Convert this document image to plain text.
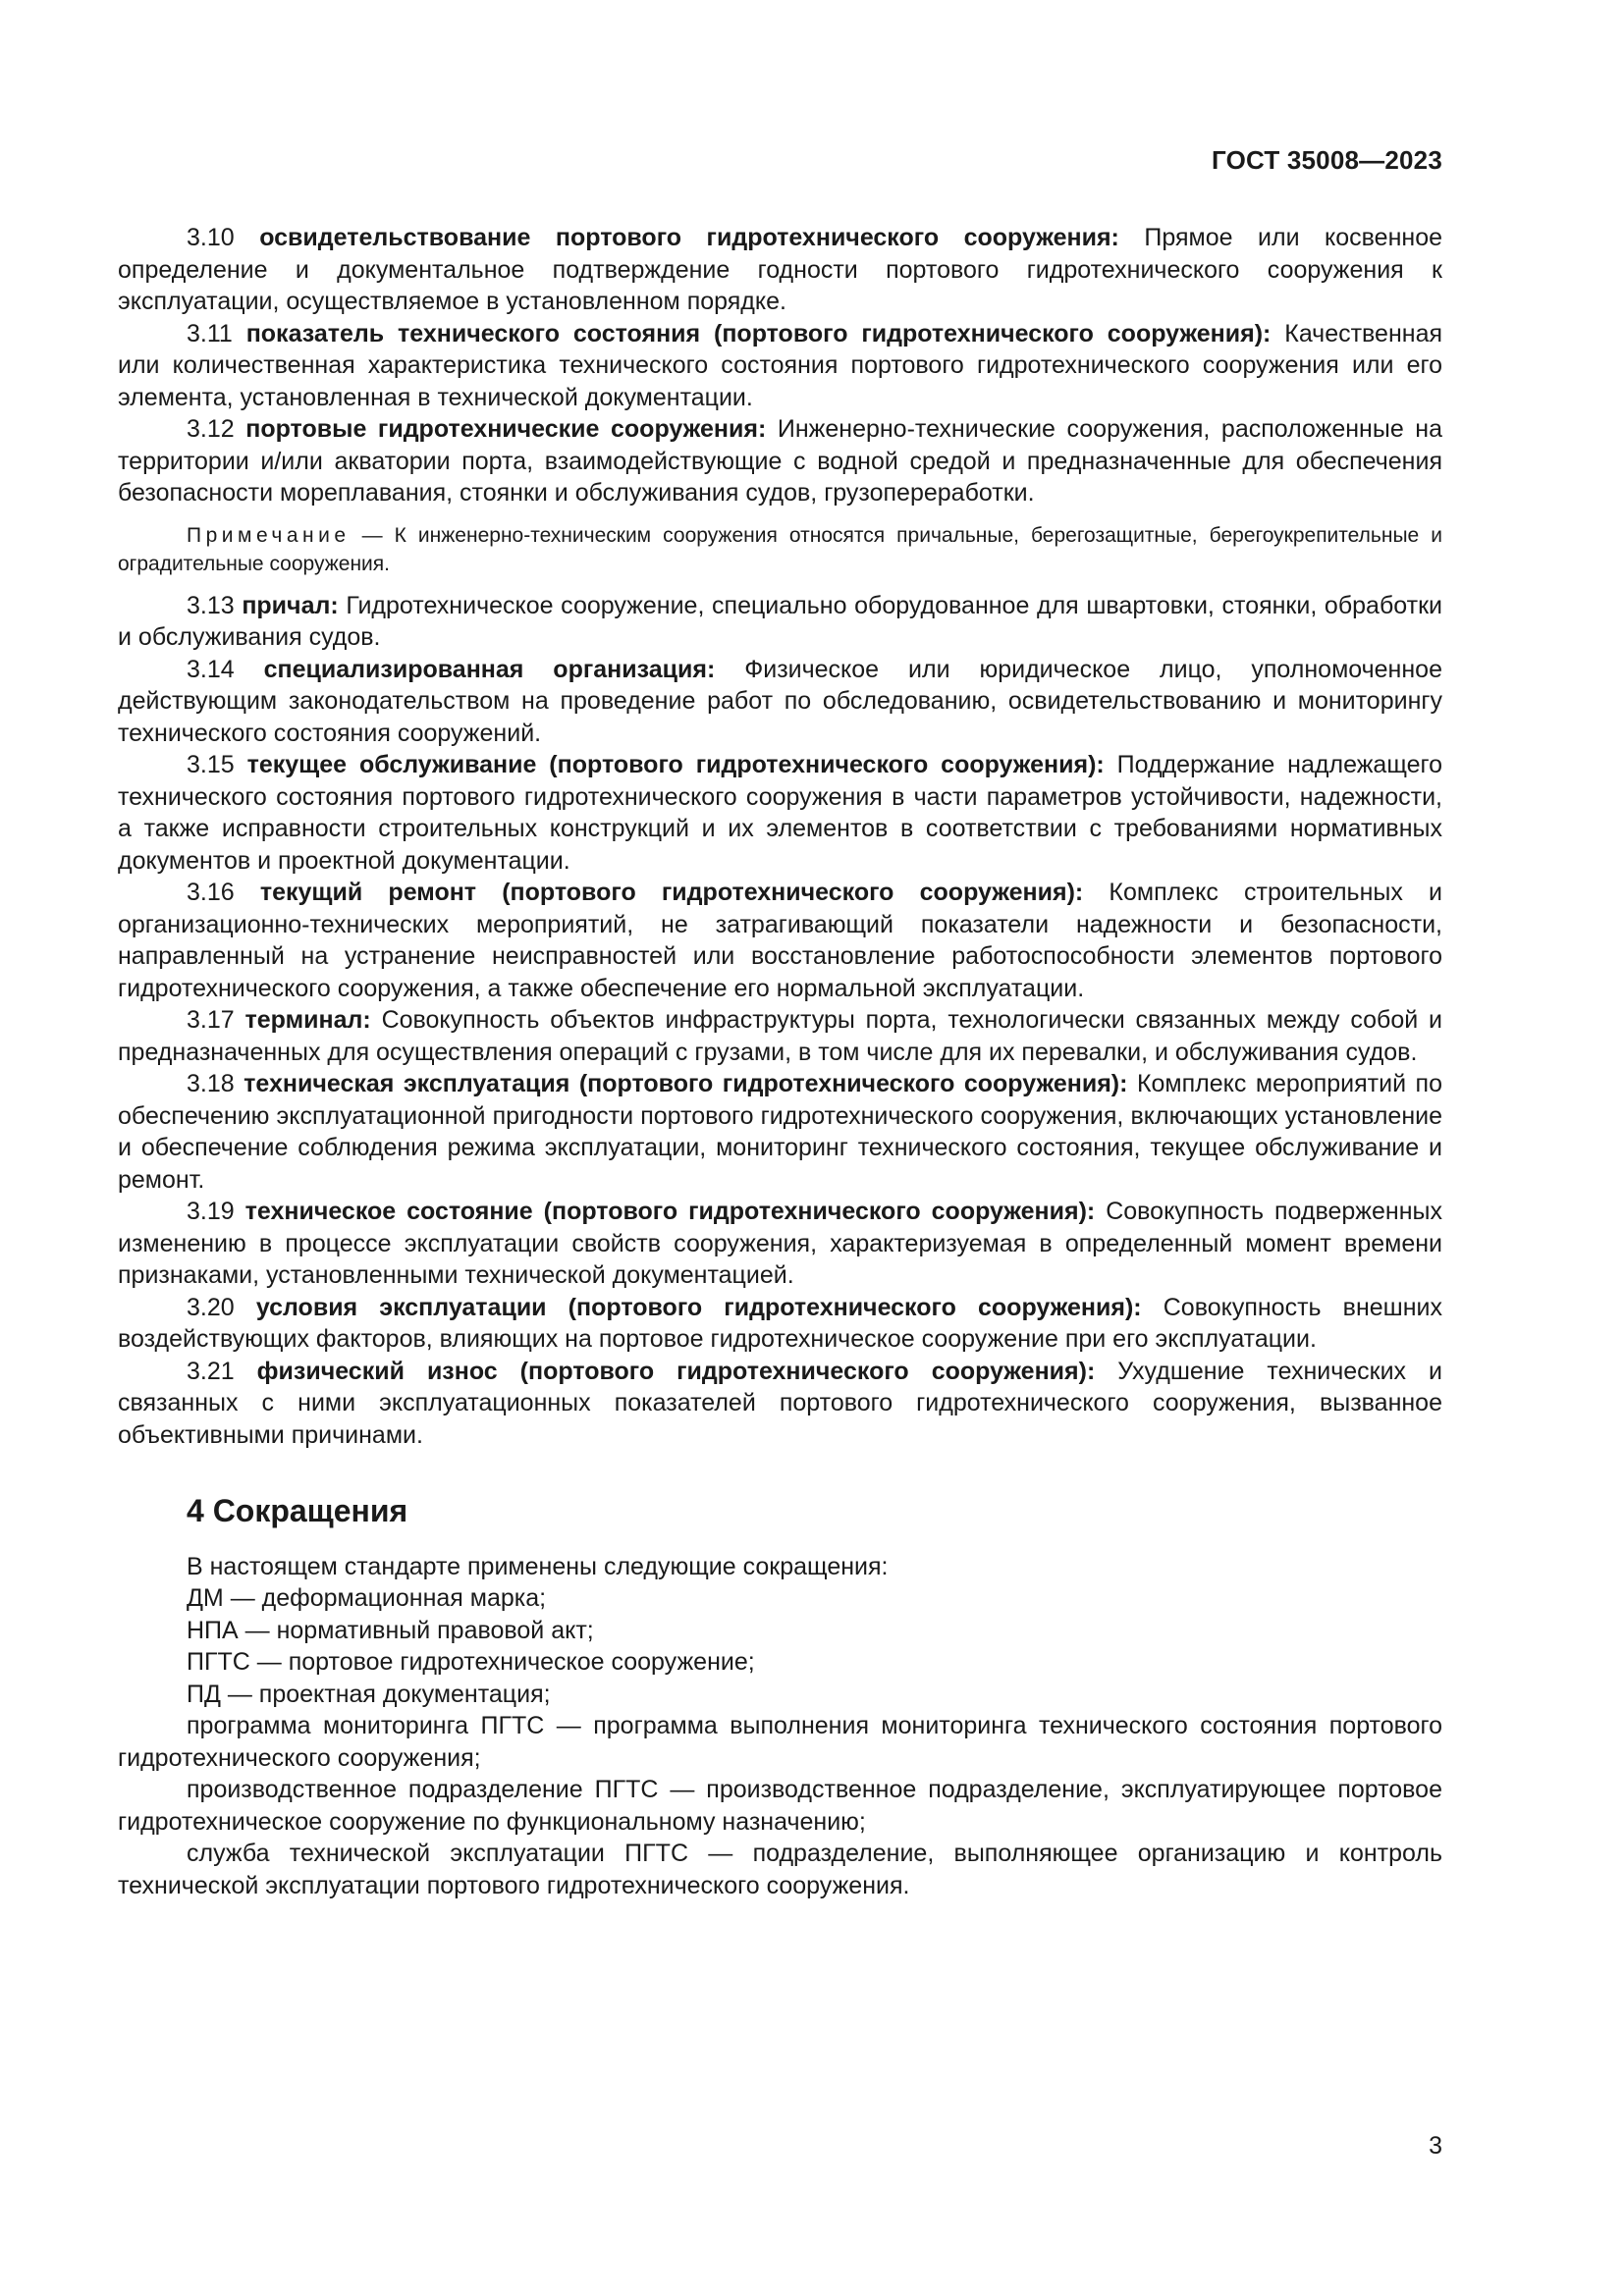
ГОСТ 35008—2023

3.10 освидетельствование портового гидротехнического сооружения: Прямое или косвенное определение и документальное подтверждение годности портового гидротехнического сооружения к эксплуатации, осуществляемое в установленном порядке.

3.11 показатель технического состояния (портового гидротехнического сооружения): Качественная или количественная характеристика технического состояния портового гидротехнического сооружения или его элемента, установленная в технической документации.

3.12 портовые гидротехнические сооружения: Инженерно-технические сооружения, расположенные на территории и/или акватории порта, взаимодействующие с водной средой и предназначенные для обеспечения безопасности мореплавания, стоянки и обслуживания судов, грузопереработки.

Примечание — К инженерно-техническим сооружения относятся причальные, берегозащитные, берегоукрепительные и оградительные сооружения.

3.13 причал: Гидротехническое сооружение, специально оборудованное для швартовки, стоянки, обработки и обслуживания судов.

3.14 специализированная организация: Физическое или юридическое лицо, уполномоченное действующим законодательством на проведение работ по обследованию, освидетельствованию и мониторингу технического состояния сооружений.

3.15 текущее обслуживание (портового гидротехнического сооружения): Поддержание надлежащего технического состояния портового гидротехнического сооружения в части параметров устойчивости, надежности, а также исправности строительных конструкций и их элементов в соответствии с требованиями нормативных документов и проектной документации.

3.16 текущий ремонт (портового гидротехнического сооружения): Комплекс строительных и организационно-технических мероприятий, не затрагивающий показатели надежности и безопасности, направленный на устранение неисправностей или восстановление работоспособности элементов портового гидротехнического сооружения, а также обеспечение его нормальной эксплуатации.

3.17 терминал: Совокупность объектов инфраструктуры порта, технологически связанных между собой и предназначенных для осуществления операций с грузами, в том числе для их перевалки, и обслуживания судов.

3.18 техническая эксплуатация (портового гидротехнического сооружения): Комплекс мероприятий по обеспечению эксплуатационной пригодности портового гидротехнического сооружения, включающих установление и обеспечение соблюдения режима эксплуатации, мониторинг технического состояния, текущее обслуживание и ремонт.

3.19 техническое состояние (портового гидротехнического сооружения): Совокупность подверженных изменению в процессе эксплуатации свойств сооружения, характеризуемая в определенный момент времени признаками, установленными технической документацией.

3.20 условия эксплуатации (портового гидротехнического сооружения): Совокупность внешних воздействующих факторов, влияющих на портовое гидротехническое сооружение при его эксплуатации.

3.21 физический износ (портового гидротехнического сооружения): Ухудшение технических и связанных с ними эксплуатационных показателей портового гидротехнического сооружения, вызванное объективными причинами.

4 Сокращения

В настоящем стандарте применены следующие сокращения:

ДМ — деформационная марка;

НПА — нормативный правовой акт;

ПГТС — портовое гидротехническое сооружение;

ПД — проектная документация;

программа мониторинга ПГТС — программа выполнения мониторинга технического состояния портового гидротехнического сооружения;

производственное подразделение ПГТС — производственное подразделение, эксплуатирующее портовое гидротехническое сооружение по функциональному назначению;

служба технической эксплуатации ПГТС — подразделение, выполняющее организацию и контроль технической эксплуатации портового гидротехнического сооружения.

3
